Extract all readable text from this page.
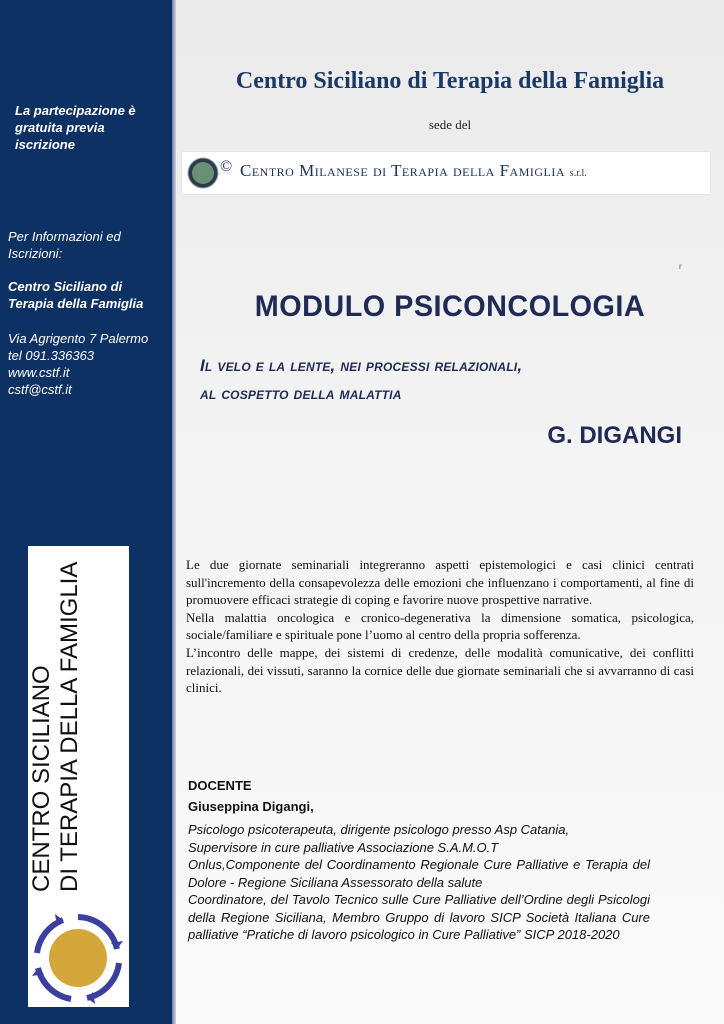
La partecipazione è gratuita previa iscrizione
Per Informazioni ed Iscrizioni:
Centro Siciliano di Terapia della Famiglia
Via Agrigento 7 Palermo
tel 091.336363
www.cstf.it
cstf@cstf.it
CENTRO SICILIANO DI TERAPIA DELLA FAMIGLIA
Centro Siciliano di Terapia della Famiglia
sede del
© Centro Milanese di Terapia della Famiglia s.r.l.
r
MODULO PSICONCOLOGIA
Il velo e la lente, nei processi relazionali,
al cospetto della malattia
G. DIGANGI

Le due giornate seminariali integreranno aspetti epistemologici e casi clinici centrati sull'incremento della consapevolezza delle emozioni che influenzano i comportamenti, al fine di promuovere efficaci strategie di coping e favorire nuove prospettive narrative.

Nella malattia oncologica e cronico-degenerativa la dimensione somatica, psicologica, sociale/familiare e spirituale pone l’uomo al centro della propria sofferenza.

L’incontro delle mappe, dei sistemi di credenze, delle modalità comunicative, dei conflitti relazionali, dei vissuti, saranno la cornice delle due giornate seminariali che si avvarranno di casi clinici.

DOCENTE
Giuseppina Digangi,

Psicologo psicoterapeuta, dirigente psicologo presso Asp Catania,

Supervisore in cure palliative Associazione S.A.M.O.T

Onlus,Componente del Coordinamento Regionale Cure Palliative e Terapia del Dolore - Regione Siciliana Assessorato della salute

Coordinatore, del Tavolo Tecnico sulle Cure Palliative dell’Ordine degli Psicologi della Regione Siciliana, Membro Gruppo di lavoro SICP Società Italiana Cure palliative “Pratiche di lavoro psicologico in Cure Palliative” SICP 2018-2020
